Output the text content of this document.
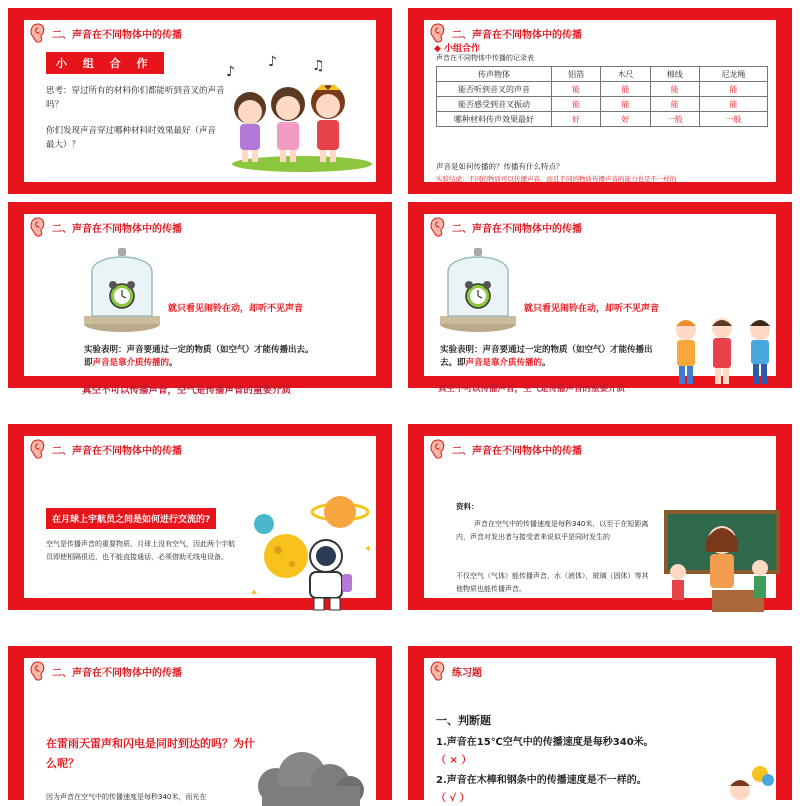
二、声音在不同物体中的传播
小 组 合 作
思考：穿过所有的材料你们都能听到音叉的声音吗？
你们发现声音穿过哪种材料时效果最好（声音最大）？
♪
♪	♫
二、声音在不同物体中的传播
◆ 小组合作
声音在不同物体中传播的记录表
传声物体	铝箔	木尺	棉线	尼龙绳
能否听到音叉的声音	能	能	能	能
能否感受到音叉振动	能	能	能	能
哪种材料传声效果最好	好	好	一般	一般
声音是如何传播的？传播有什么特点？
实验结论：不同的物质可以传播声音，而且不同的物质传播声音的能力也是不一样的
二、声音在不同物体中的传播
就只看见闹铃在动，却听不见声音
实验表明：声音要通过一定的物质（如空气）才能传播出去。即声音是靠介质传播的。
真空不可以传播声音，空气是传播声音的重要介质
二、声音在不同物体中的传播
就只看见闹铃在动，却听不见声音
实验表明：声音要通过一定的物质（如空气）才能传播出去。即声音是靠介质传播的。
真空不可以传播声音，空气是传播声音的重要介质
二、声音在不同物体中的传播
在月球上宇航员之间是如何进行交流的?
空气是传播声音的重要物质。月球上没有空气，因此两个宇航员即使相隔很近，也不能直接通话，必须借助无线电设备。
✦
✦
二、声音在不同物体中的传播
资料：
声音在空气中的传播速度是每秒340米，以至于在短距离内，声音对发出者与接受者来说似乎是同时发生的
不仅空气（气体）能传播声音，水（液体），玻璃（固体）等其他物质也能传播声音。
二、声音在不同物体中的传播
在雷雨天雷声和闪电是同时到达的吗？为什么呢？
因为声音在空气中的传播速度是每秒340米，而光在
练习题
一、判断题
1.声音在15℃空气中的传播速度是每秒340米。
（ × ）
2.声音在木棒和钢条中的传播速度是不一样的。
（ √ ）
